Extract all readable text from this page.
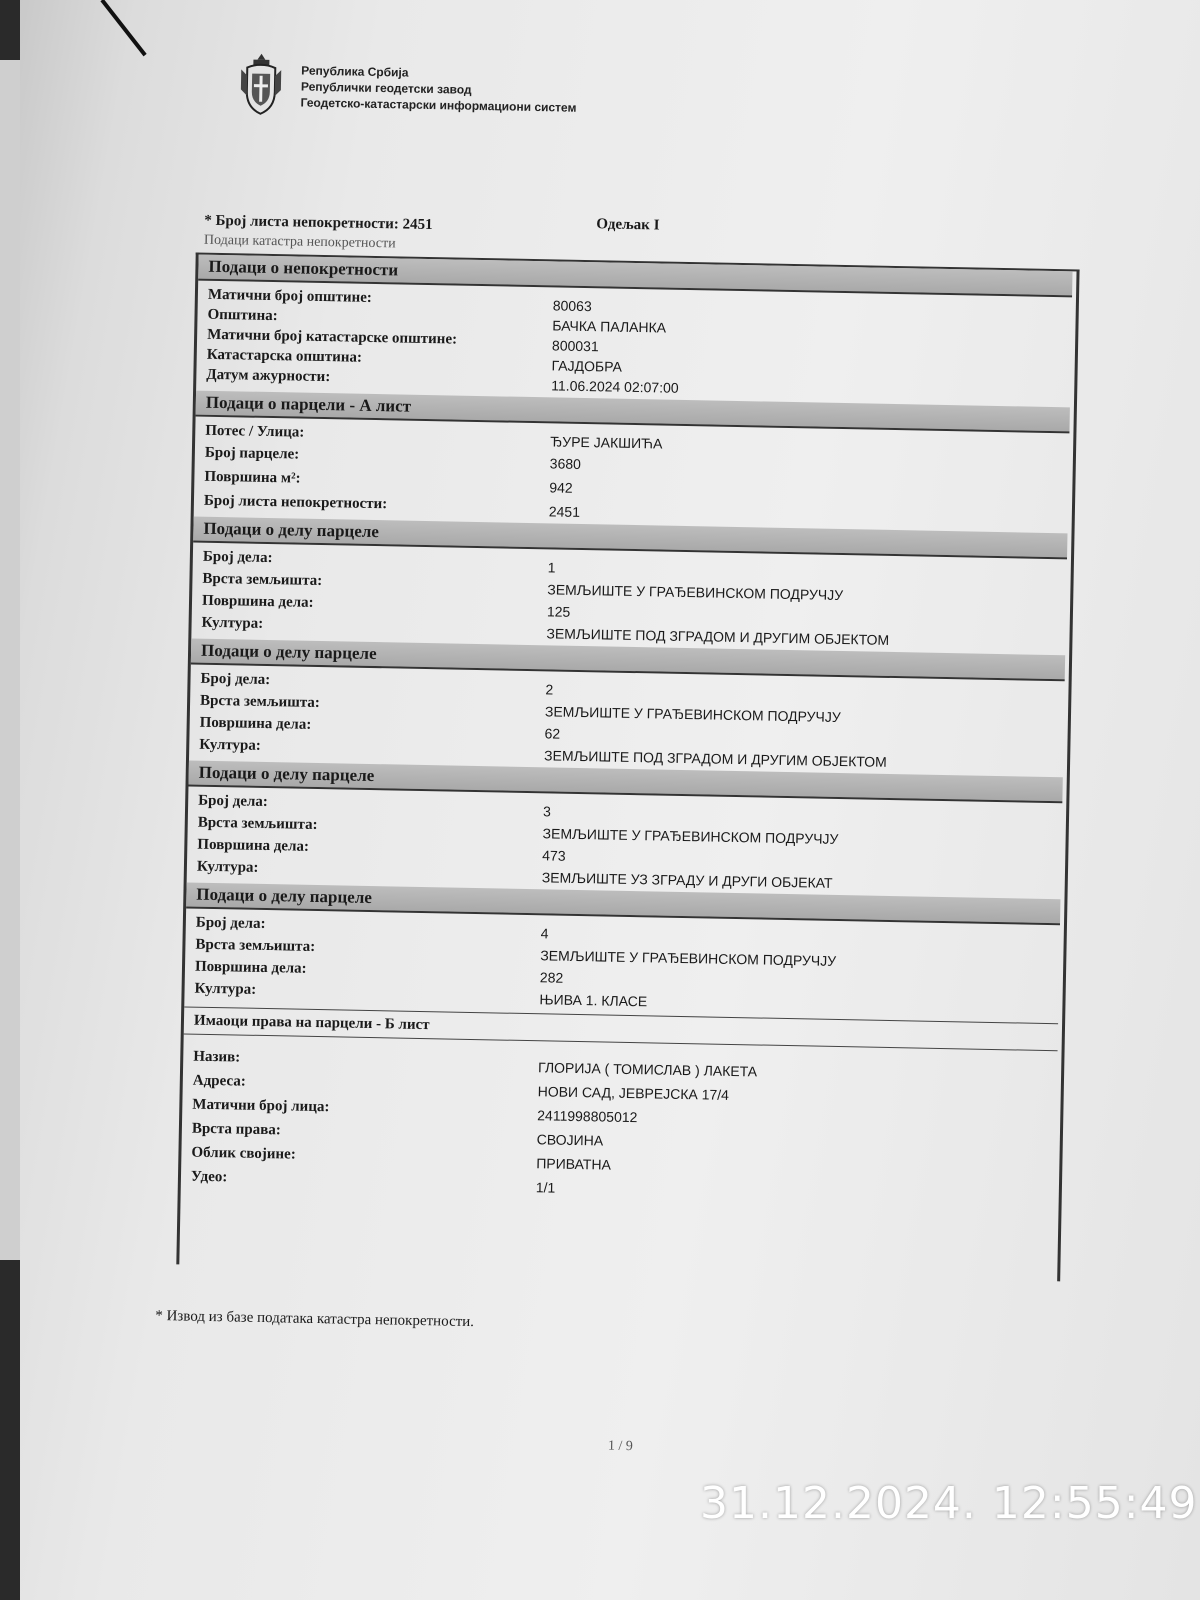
Република Србија
Републички геодетски завод
Геодетско-катастарски информациони систем
Одељак I
* Број листа непокретности: 2451
Подаци катастра непокретности
Подаци о непокретности
Матични број општине:	80063
Општина:
БАЧКА ПАЛАНКА
Матични број катастарске општине:	800031
Катастарска општина:
ГАЈДОБРА
Датум ажурности:
11.06.2024 02:07:00
Подаци о парцели - А лист
Потес / Улица:
ЂУРЕ ЈАКШИЋА
Број парцеле:
3680
Површина м²:
942
Број листа непокретности:	2451
Подаци о делу парцеле
Број дела:
1
Врста земљишта:
ЗЕМЉИШТЕ У ГРАЂЕВИНСКОМ ПОДРУЧЈУ
Површина дела:
125
Култура:
ЗЕМЉИШТЕ ПОД ЗГРАДОМ И ДРУГИМ ОБЈЕКТОМ
Подаци о делу парцеле
Број дела:
2
Врста земљишта:
ЗЕМЉИШТЕ У ГРАЂЕВИНСКОМ ПОДРУЧЈУ
Површина дела:
62
Култура:
ЗЕМЉИШТЕ ПОД ЗГРАДОМ И ДРУГИМ ОБЈЕКТОМ
Подаци о делу парцеле
Број дела:
3
Врста земљишта:
ЗЕМЉИШТЕ У ГРАЂЕВИНСКОМ ПОДРУЧЈУ
Површина дела:
473
Култура:
ЗЕМЉИШТЕ УЗ ЗГРАДУ И ДРУГИ ОБЈЕКАТ
Подаци о делу парцеле
Број дела:
4
Врста земљишта:
ЗЕМЉИШТЕ У ГРАЂЕВИНСКОМ ПОДРУЧЈУ
Површина дела:
282
Култура:
ЊИВА 1. КЛАСЕ
Имаоци права на парцели - Б лист
Назив:
ГЛОРИЈА ( ТОМИСЛАВ ) ЛАКЕТА
Адреса:
НОВИ САД, ЈЕВРЕЈСКА 17/4
Матични број лица:
2411998805012
Врста права:
СВОЈИНА
Облик својине:
ПРИВАТНА
Удео:
1/1
* Извод из базе података катастра непокретности.
1 / 9
31.12.2024. 12:55:49
